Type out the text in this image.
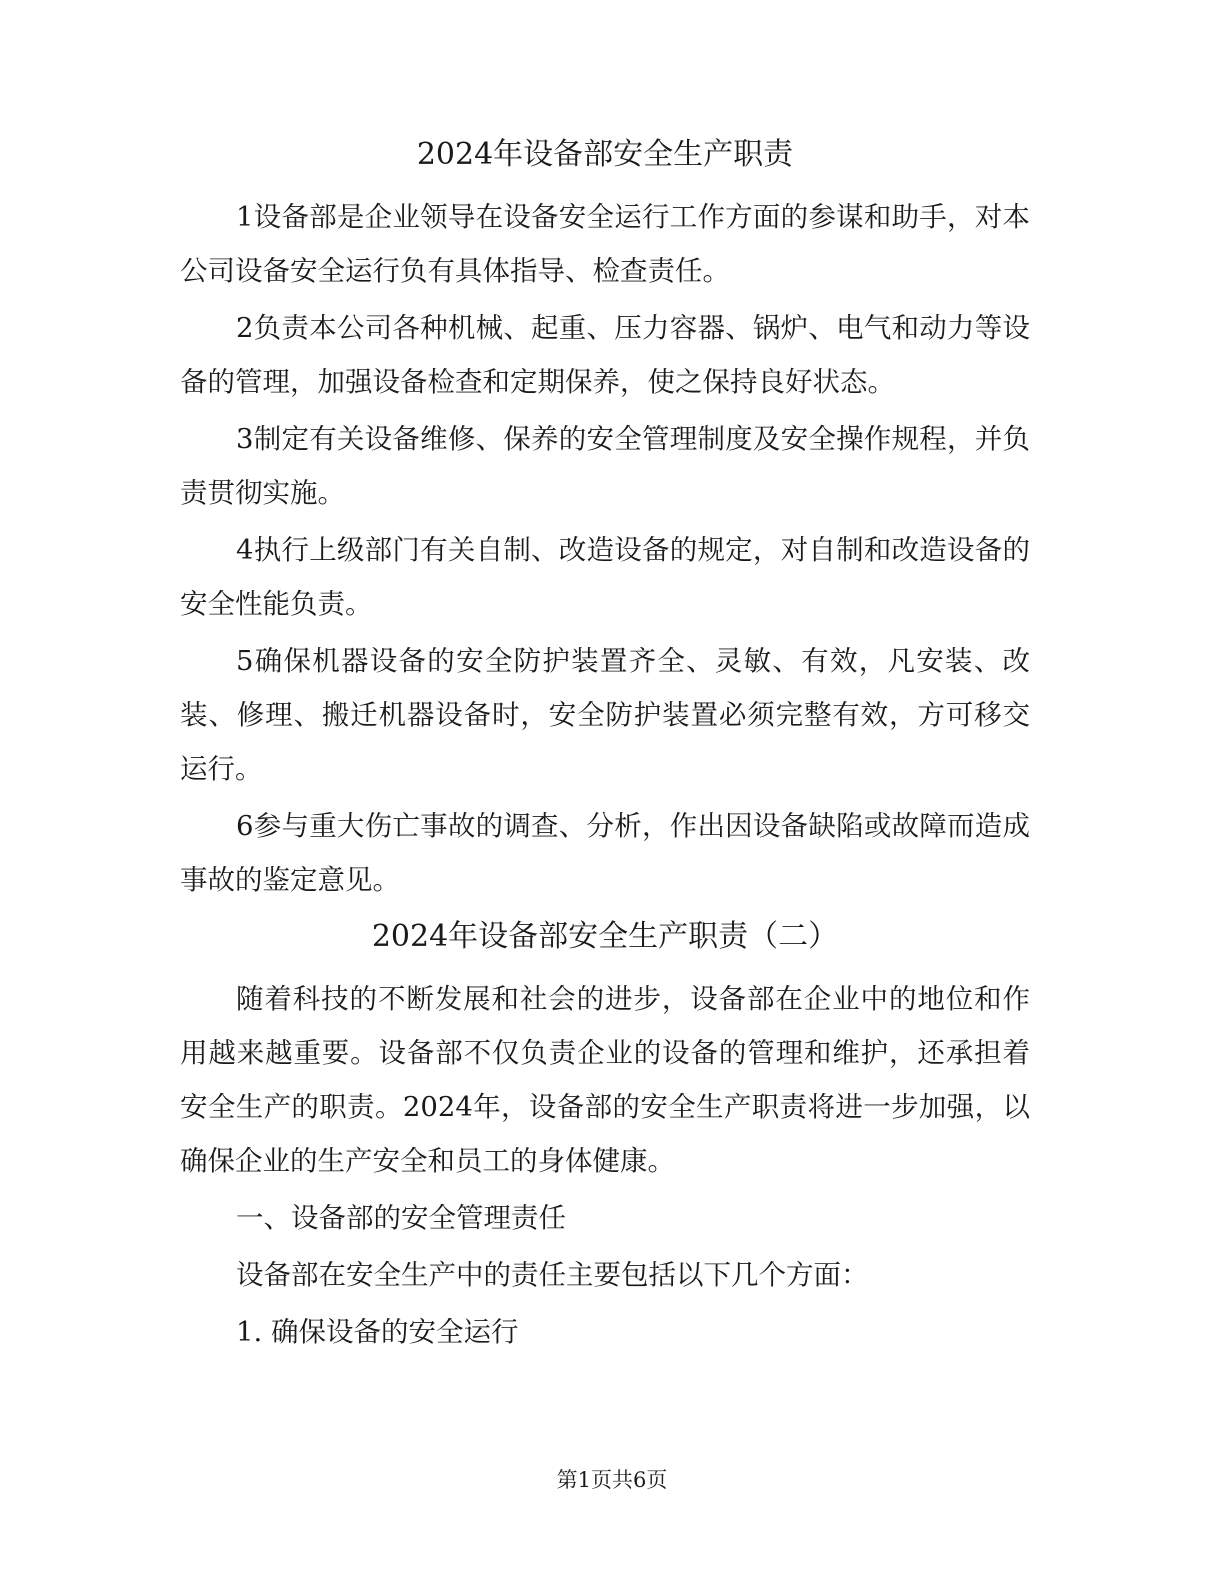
2024年设备部安全生产职责

1设备部是企业领导在设备安全运行工作方面的参谋和助手，对本公司设备安全运行负有具体指导、检查责任。

2负责本公司各种机械、起重、压力容器、锅炉、电气和动力等设备的管理，加强设备检查和定期保养，使之保持良好状态。

3制定有关设备维修、保养的安全管理制度及安全操作规程，并负责贯彻实施。

4执行上级部门有关自制、改造设备的规定，对自制和改造设备的安全性能负责。

5确保机器设备的安全防护装置齐全、灵敏、有效，凡安装、改装、修理、搬迁机器设备时，安全防护装置必须完整有效，方可移交运行。

6参与重大伤亡事故的调查、分析，作出因设备缺陷或故障而造成事故的鉴定意见。

2024年设备部安全生产职责（二）

随着科技的不断发展和社会的进步，设备部在企业中的地位和作用越来越重要。设备部不仅负责企业的设备的管理和维护，还承担着安全生产的职责。2024年，设备部的安全生产职责将进一步加强，以确保企业的生产安全和员工的身体健康。

一、设备部的安全管理责任

设备部在安全生产中的责任主要包括以下几个方面：

1. 确保设备的安全运行

第1页共6页
